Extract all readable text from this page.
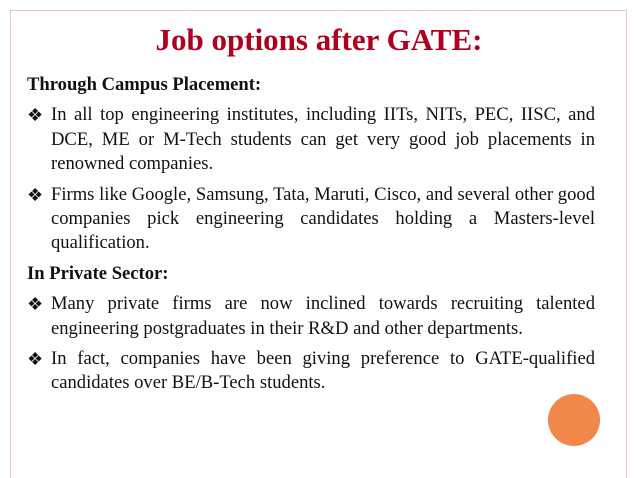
Job options after GATE:

Through Campus Placement:

❖ In all top engineering institutes, including IITs, NITs, PEC, IISC, and DCE, ME or M-Tech students can get very good job placements in renowned companies.
❖ Firms like Google, Samsung, Tata, Maruti, Cisco, and several other good companies pick engineering candidates holding a Masters-level qualification.

In Private Sector:

❖ Many private firms are now inclined towards recruiting talented engineering postgraduates in their R&D and other departments.
❖ In fact, companies have been giving preference to GATE-qualified candidates over BE/B-Tech students.
